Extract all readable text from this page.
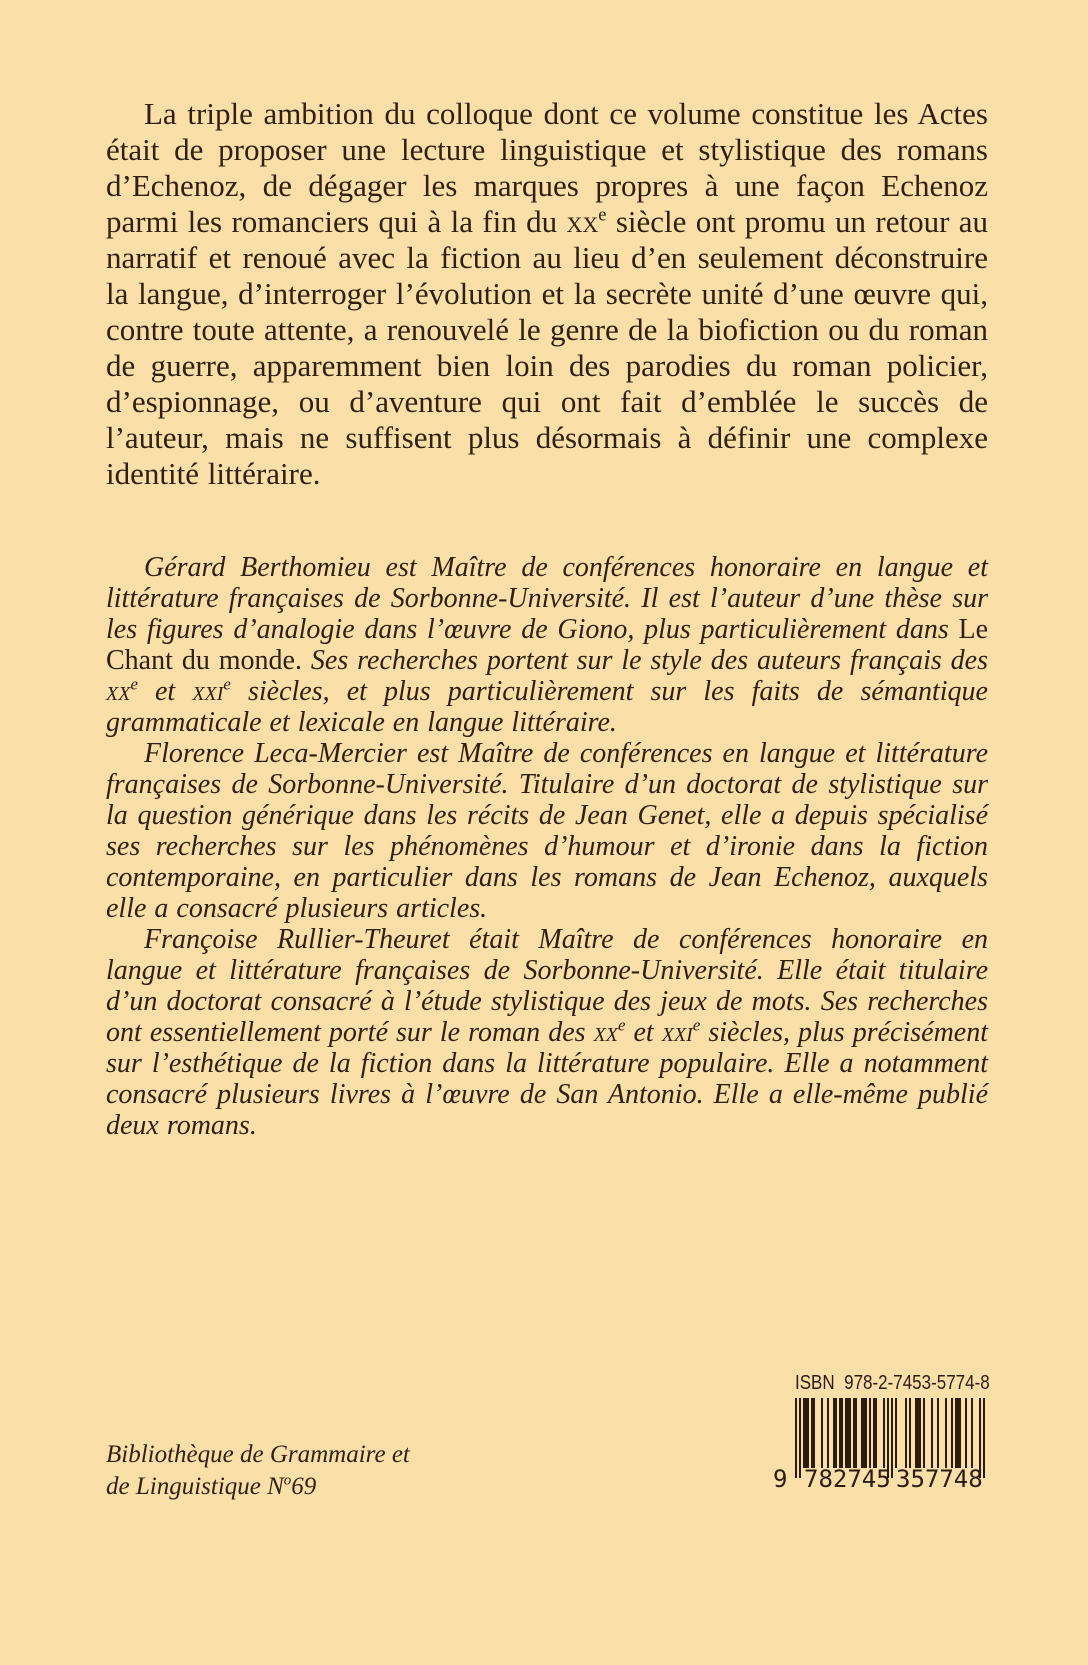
La triple ambition du colloque dont ce volume constitue les Actes était de proposer une lecture linguistique et stylistique des romans d’Echenoz, de dégager les marques propres à une façon Echenoz parmi les romanciers qui à la fin du $xx^e$ siècle ont promu un retour au narratif et renoué avec la fiction au lieu d’en seulement déconstruire la langue, d’interroger l’évolution et la secrète unité d’une œuvre qui, contre toute attente, a renouvelé le genre de la biofiction ou du roman de guerre, apparemment bien loin des parodies du roman policier, d’espionnage, ou d’aventure qui ont fait d’emblée le succès de l’auteur, mais ne suffisent plus désormais à définir une complexe identité littéraire.

Gérard Berthomieu est Maître de conférences honoraire en langue et littérature françaises de Sorbonne-Université. Il est l’auteur d’une thèse sur les figures d’analogie dans l’œuvre de Giono, plus particulièrement dans Le Chant du monde. Ses recherches portent sur le style des auteurs français des $xx^e$ et xxi$^e$ siècles, et plus particulièrement sur les faits de sémantique grammaticale et lexicale en langue littéraire.

Florence Leca-Mercier est Maître de conférences en langue et littérature françaises de Sorbonne-Université. Titulaire d’un doctorat de stylistique sur la question générique dans les récits de Jean Genet, elle a depuis spécialisé ses recherches sur les phénomènes d’humour et d’ironie dans la fiction contemporaine, en particulier dans les romans de Jean Echenoz, auxquels elle a consacré plusieurs articles.

Françoise Rullier-Theuret était Maître de conférences honoraire en langue et littérature françaises de Sorbonne-Université. Elle était titulaire d’un doctorat consacré à l’étude stylistique des jeux de mots. Ses recherches ont essentiellement porté sur le roman des $xx^e$ et xxi$^e$ siècles, plus précisément sur l’esthétique de la fiction dans la littérature populaire. Elle a notamment consacré plusieurs livres à l’œuvre de San Antonio. Elle a elle-même publié deux romans.

Bibliothèque de Grammaire et
de Linguistique $N^o69$
ISBN  978-2-7453-5774-8
9 782745 357748
